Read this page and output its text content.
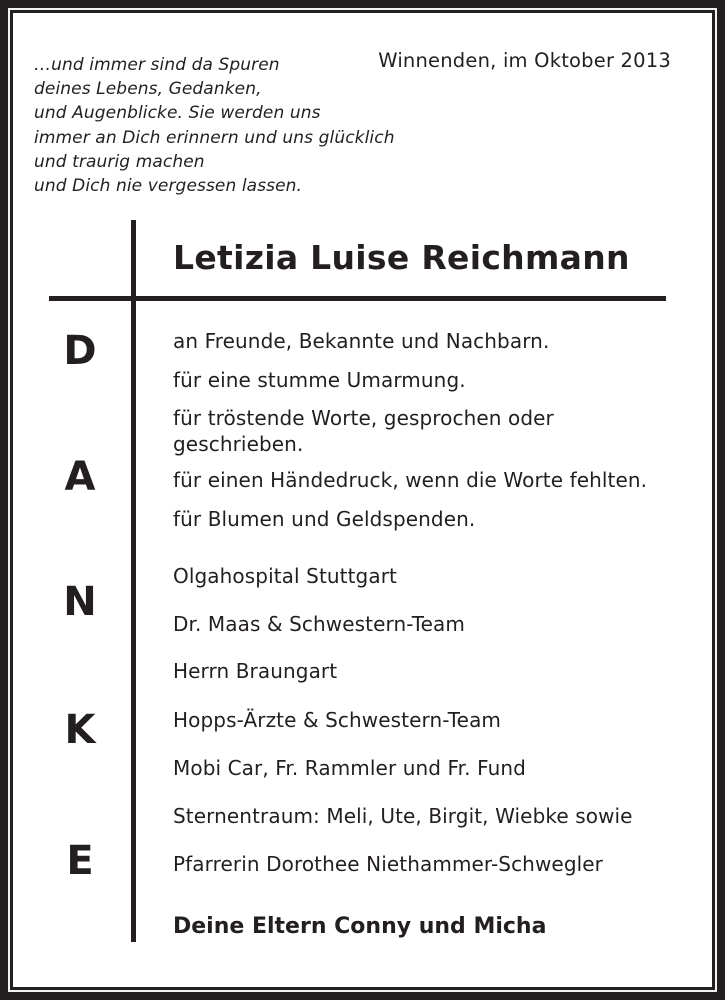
…und immer sind da Spuren
deines Lebens, Gedanken,
und Augenblicke. Sie werden uns
immer an Dich erinnern und uns glücklich
und traurig machen
und Dich nie vergessen lassen.
Winnenden, im Oktober 2013
Letizia Luise Reichmann
D
A
N
K
E
an Freunde, Bekannte und Nachbarn.
für eine stumme Umarmung.
für tröstende Worte, gesprochen oder
geschrieben.
für einen Händedruck, wenn die Worte fehlten.
für Blumen und Geldspenden.
Olgahospital Stuttgart
Dr. Maas & Schwestern-Team
Herrn Braungart
Hopps-Ärzte & Schwestern-Team
Mobi Car, Fr. Rammler und Fr. Fund
Sternentraum: Meli, Ute, Birgit, Wiebke sowie
Pfarrerin Dorothee Niethammer-Schwegler
Deine Eltern Conny und Micha
